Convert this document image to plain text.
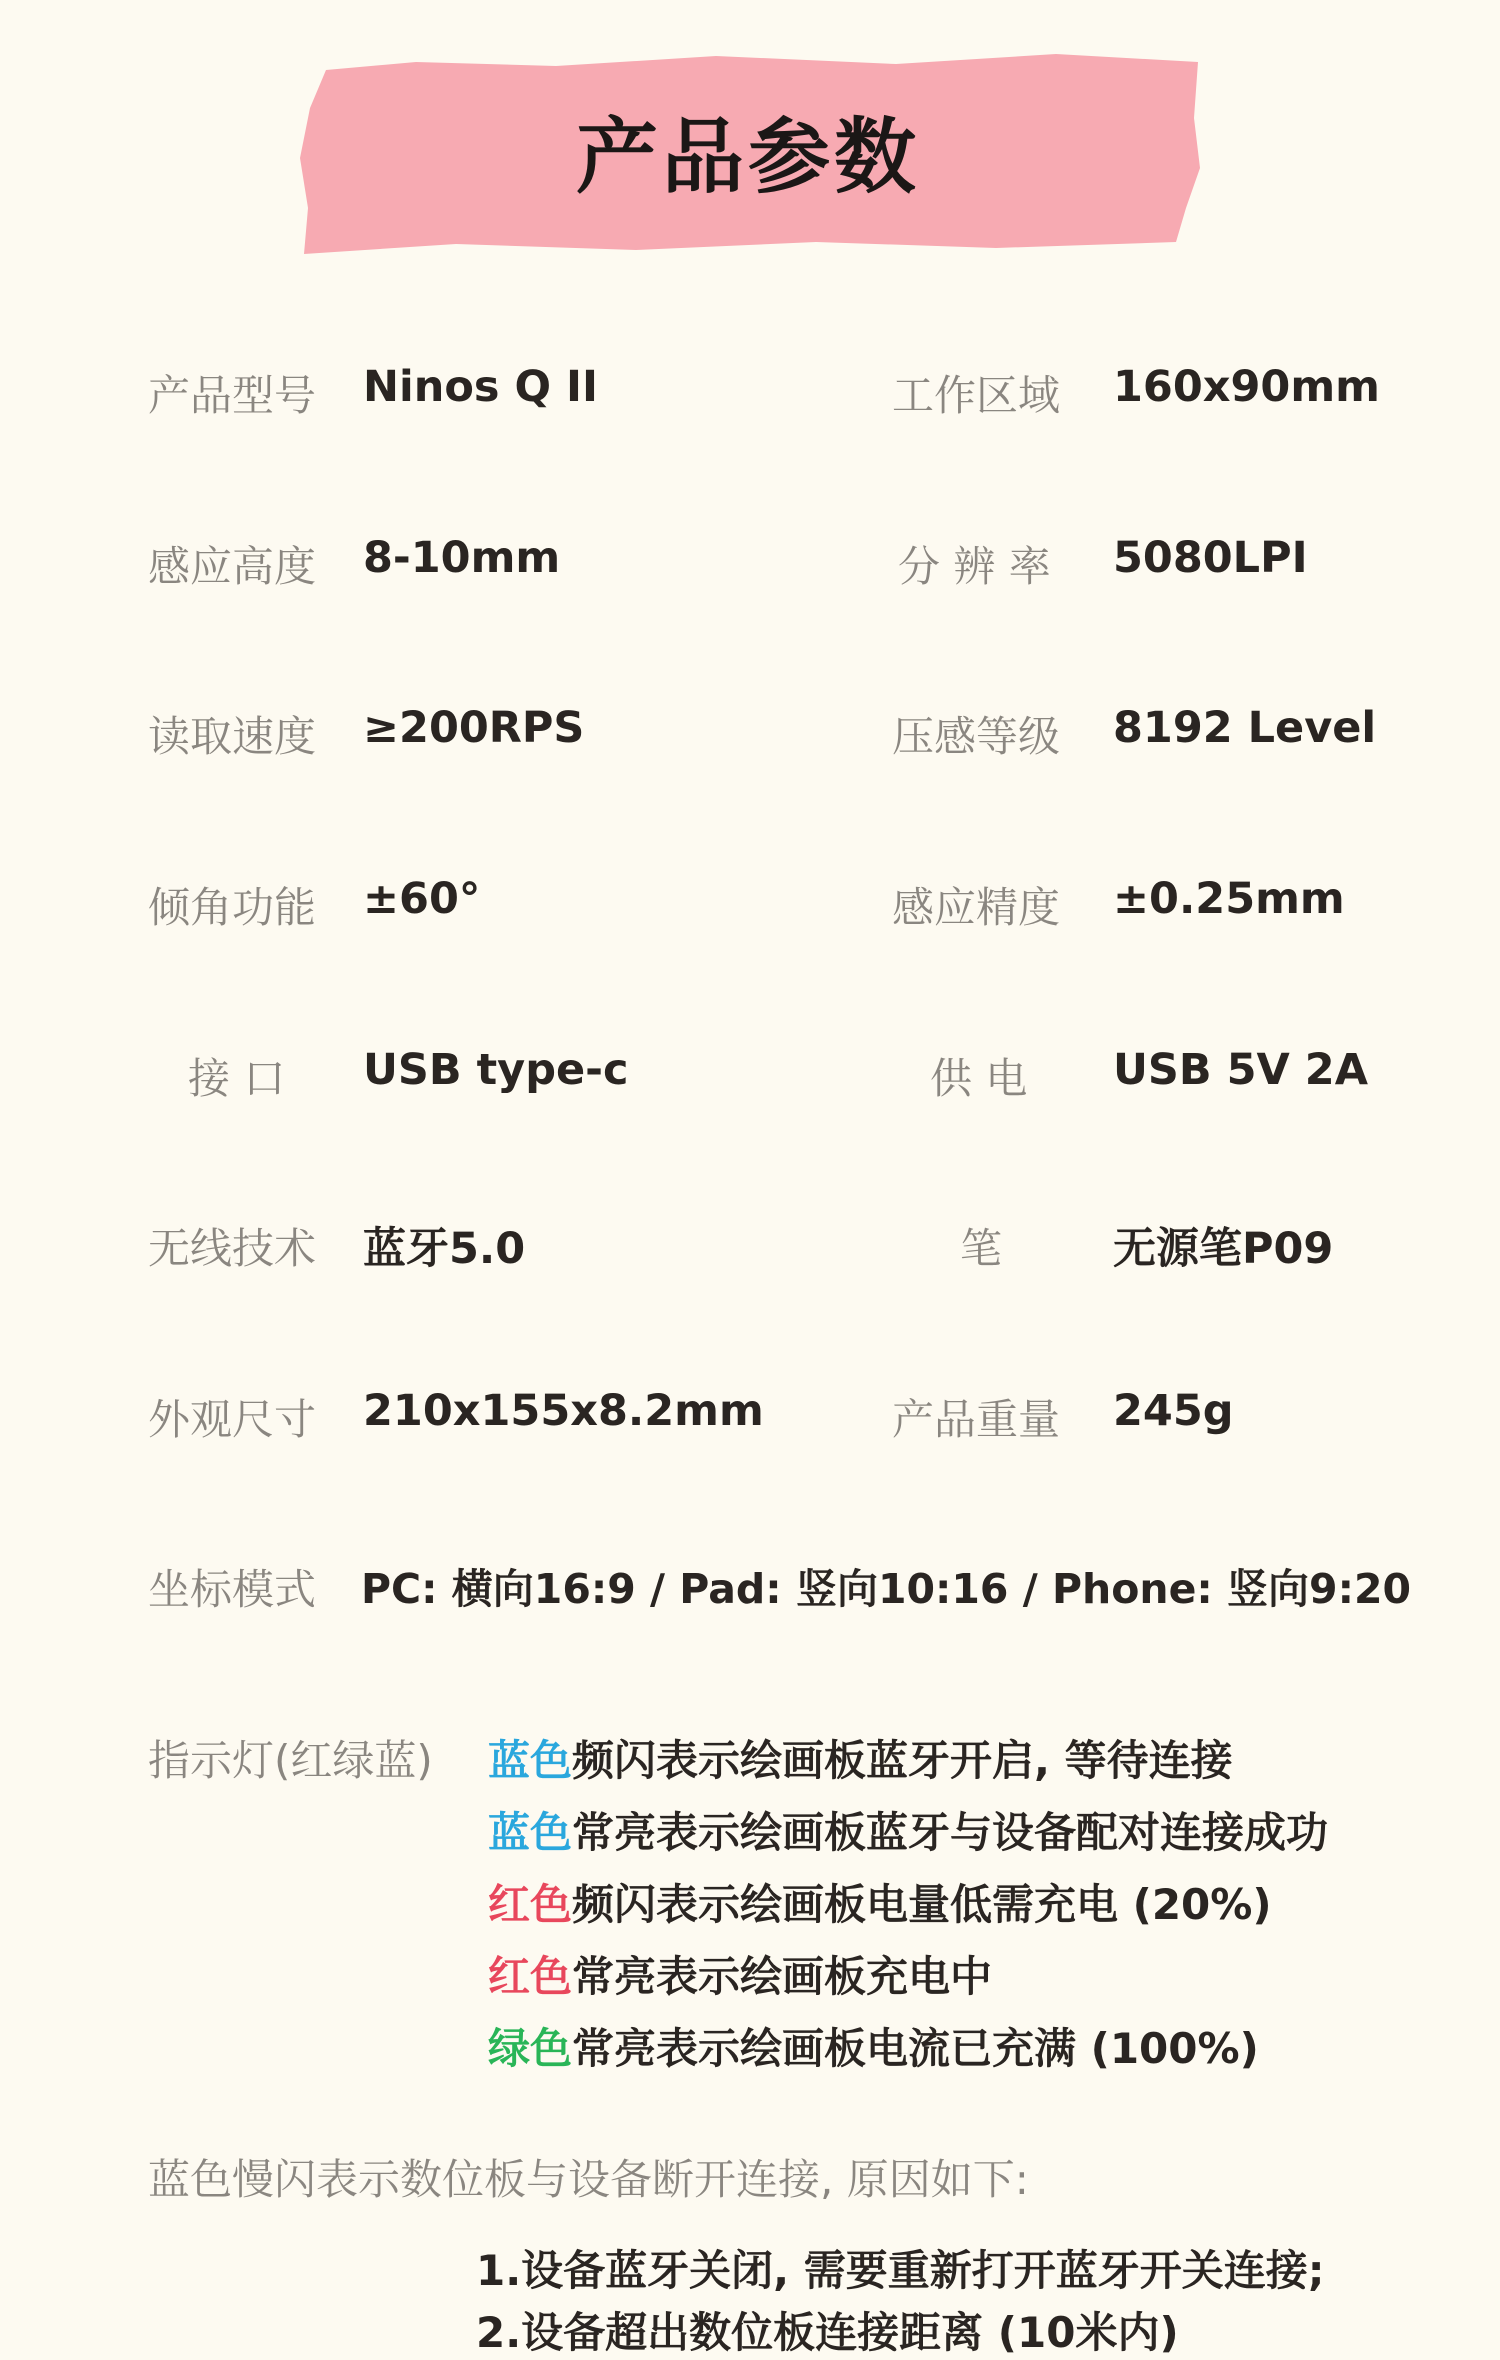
产品参数
产品型号 Ninos Q II	工作区域 160x90mm
感应高度 8-10mm	分 辨 率 5080LPI
读取速度 ≥200RPS	压感等级 8192 Level
倾角功能 ±60°	感应精度 ±0.25mm
接 口 USB type-c	供 电 USB 5V 2A
无线技术 蓝牙5.0	笔	无源笔P09
外观尺寸 210x155x8.2mm	产品重量 245g
坐标模式 PC: 横向16:9 / Pad: 竖向10:16 / Phone: 竖向9:20
指示灯(红绿蓝) 蓝色频闪表示绘画板蓝牙开启, 等待连接
蓝色常亮表示绘画板蓝牙与设备配对连接成功
红色频闪表示绘画板电量低需充电 (20%)
红色常亮表示绘画板充电中
绿色常亮表示绘画板电流已充满 (100%)
蓝色慢闪表示数位板与设备断开连接, 原因如下:
1.设备蓝牙关闭, 需要重新打开蓝牙开关连接;
2.设备超出数位板连接距离 (10米内)
